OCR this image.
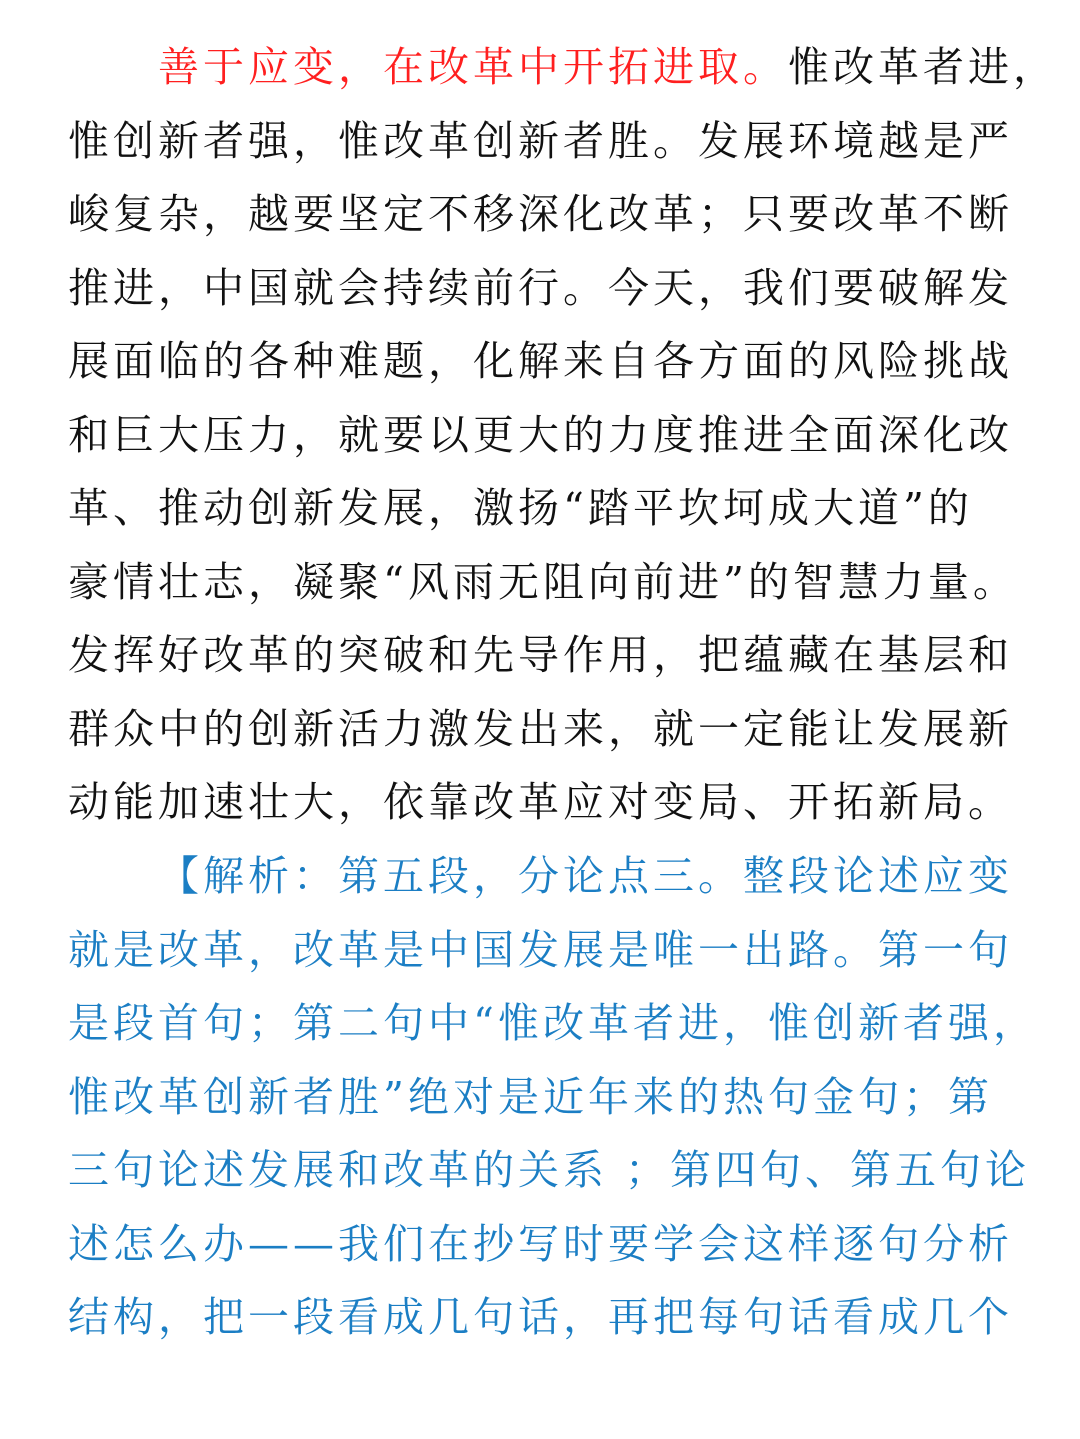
善于应变，在改革中开拓进取。惟改革者进，
惟创新者强，惟改革创新者胜。发展环境越是严
峻复杂，越要坚定不移深化改革；只要改革不断
推进，中国就会持续前行。今天，我们要破解发
展面临的各种难题，化解来自各方面的风险挑战
和巨大压力，就要以更大的力度推进全面深化改
革、推动创新发展，激扬“踏平坎坷成大道”的
豪情壮志，凝聚“风雨无阻向前进”的智慧力量。
发挥好改革的突破和先导作用，把蕴藏在基层和
群众中的创新活力激发出来，就一定能让发展新
动能加速壮大，依靠改革应对变局、开拓新局。
【解析：第五段，分论点三。整段论述应变
就是改革，改革是中国发展是唯一出路。第一句
是段首句；第二句中“惟改革者进，惟创新者强，
惟改革创新者胜”绝对是近年来的热句金句；第
三句论述发展和改革的关系 ；第四句、第五句论
述怎么办——我们在抄写时要学会这样逐句分析
结构，把一段看成几句话，再把每句话看成几个
